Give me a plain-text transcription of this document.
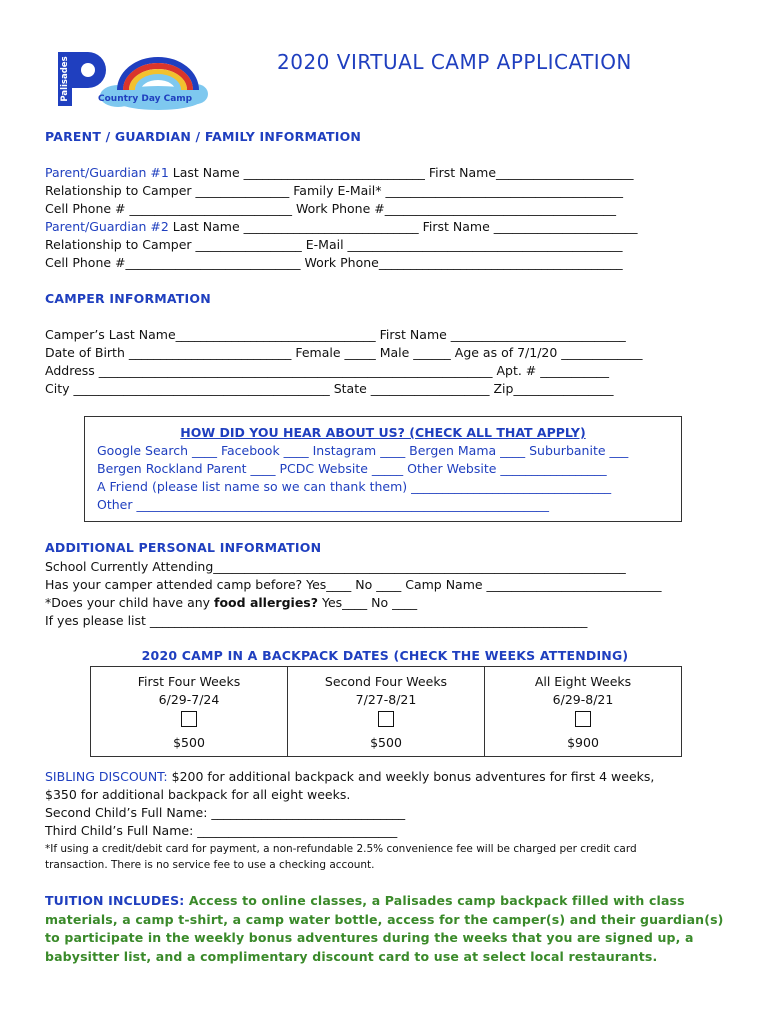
Palisades	Country Day Camp
2020 VIRTUAL CAMP APPLICATION
PARENT / GUARDIAN / FAMILY INFORMATION
Parent/Guardian #1 Last Name _____________________________ First Name______________________
Relationship to Camper _______________ Family E-Mail* ______________________________________
Cell Phone # __________________________ Work Phone #_____________________________________
Parent/Guardian #2 Last Name ____________________________ First Name _______________________
Relationship to Camper _________________ E-Mail ____________________________________________
Cell Phone #____________________________ Work Phone_______________________________________
CAMPER INFORMATION
Camper’s Last Name________________________________ First Name ____________________________
Date of Birth __________________________ Female _____ Male ______ Age as of 7/1/20 _____________
Address _______________________________________________________________ Apt. # ___________
City _________________________________________ State ___________________ Zip________________
HOW DID YOU HEAR ABOUT US? (CHECK ALL THAT APPLY)
Google Search ____ Facebook ____ Instagram ____ Bergen Mama ____ Suburbanite ___
Bergen Rockland Parent ____ PCDC Website _____ Other Website _________________
A Friend (please list name so we can thank them) ________________________________
Other __________________________________________________________________
ADDITIONAL PERSONAL INFORMATION
School Currently Attending__________________________________________________________________
Has your camper attended camp before? Yes____ No ____ Camp Name ____________________________
*Does your child have any food allergies? Yes____ No ____
If yes please list ______________________________________________________________________
2020 CAMP IN A BACKPACK DATES (CHECK THE WEEKS ATTENDING)
First Four Weeks
6/29-7/24
$500

Second Four Weeks
7/27-8/21
$500

All Eight Weeks
6/29-8/21
$900
SIBLING DISCOUNT: $200 for additional backpack and weekly bonus adventures for first 4 weeks,
$350 for additional backpack for all eight weeks.
Second Child’s Full Name: _______________________________
Third Child’s Full Name: ________________________________
*If using a credit/debit card for payment, a non-refundable 2.5% convenience fee will be charged per credit card
transaction. There is no service fee to use a checking account.
TUITION INCLUDES: Access to online classes, a Palisades camp backpack filled with class materials, a camp t-shirt, a camp water bottle, access for the camper(s) and their guardian(s) to participate in the weekly bonus adventures during the weeks that you are signed up, a babysitter list, and a complimentary discount card to use at select local restaurants.
